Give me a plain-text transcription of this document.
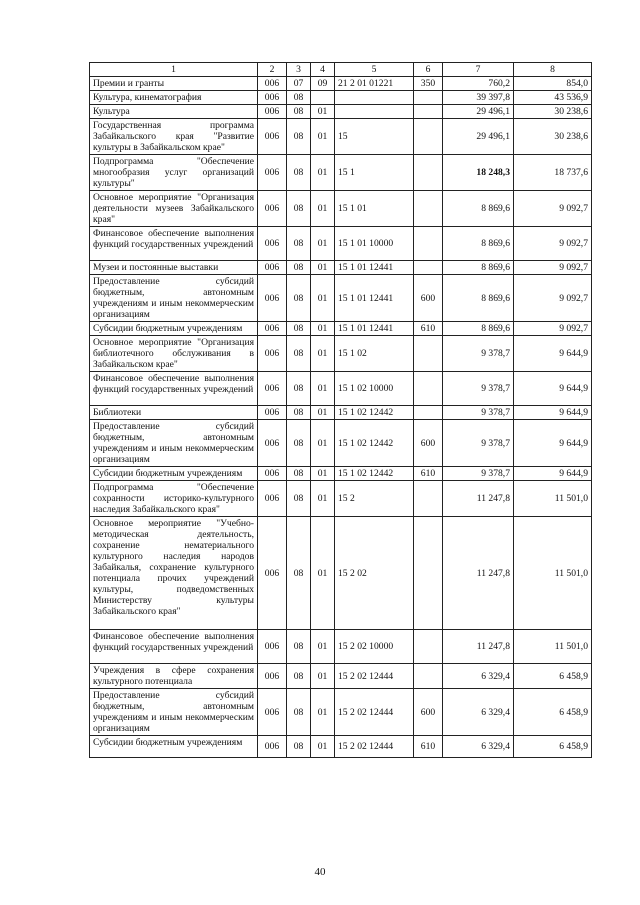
1	2	3	4	5	6	7	8
Премии и гранты	006	07	09	21 2 01 01221	350	760,2	854,0
Культура, кинематография	006	08				39 397,8	43 536,9
Культура	006	08	01			29 496,1	30 238,6
Государственная программа Забайкальского края "Развитие культуры в Забайкальском крае"	006	08	01	15		29 496,1	30 238,6
Подпрограмма "Обеспечение многообразия услуг организаций культуры"	006	08	01	15 1		18 248,3	18 737,6
Основное мероприятие "Организация деятельности музеев Забайкальского края"	006	08	01	15 1 01		8 869,6	9 092,7
Финансовое обеспечение выполнения функций государственных учреждений	006	08	01	15 1 01 10000		8 869,6	9 092,7
Музеи и постоянные выставки	006	08	01	15 1 01 12441		8 869,6	9 092,7
Предоставление субсидий бюджетным, автономным учреждениям и иным некоммерческим организациям	006	08	01	15 1 01 12441	600	8 869,6	9 092,7
Субсидии бюджетным учреждениям	006	08	01	15 1 01 12441	610	8 869,6	9 092,7
Основное мероприятие "Организация библиотечного обслуживания в Забайкальском крае"	006	08	01	15 1 02		9 378,7	9 644,9
Финансовое обеспечение выполнения функций государственных учреждений	006	08	01	15 1 02 10000		9 378,7	9 644,9
Библиотеки	006	08	01	15 1 02 12442		9 378,7	9 644,9
Предоставление субсидий бюджетным, автономным учреждениям и иным некоммерческим организациям	006	08	01	15 1 02 12442	600	9 378,7	9 644,9
Субсидии бюджетным учреждениям	006	08	01	15 1 02 12442	610	9 378,7	9 644,9
Подпрограмма "Обеспечение сохранности историко-культурного наследия Забайкальского края"	006	08	01	15 2		11 247,8	11 501,0
Основное мероприятие "Учебно-методическая деятельность, сохранение нематериального культурного наследия народов Забайкалья, сохранение культурного потенциала прочих учреждений культуры, подведомственных Министерству культуры Забайкальского края"	006	08	01	15 2 02		11 247,8	11 501,0
Финансовое обеспечение выполнения функций государственных учреждений	006	08	01	15 2 02 10000		11 247,8	11 501,0
Учреждения в сфере сохранения культурного потенциала	006	08	01	15 2 02 12444		6 329,4	6 458,9
Предоставление субсидий бюджетным, автономным учреждениям и иным некоммерческим организациям	006	08	01	15 2 02 12444	600	6 329,4	6 458,9
Субсидии бюджетным учреждениям	006	08	01	15 2 02 12444	610	6 329,4	6 458,9
40
